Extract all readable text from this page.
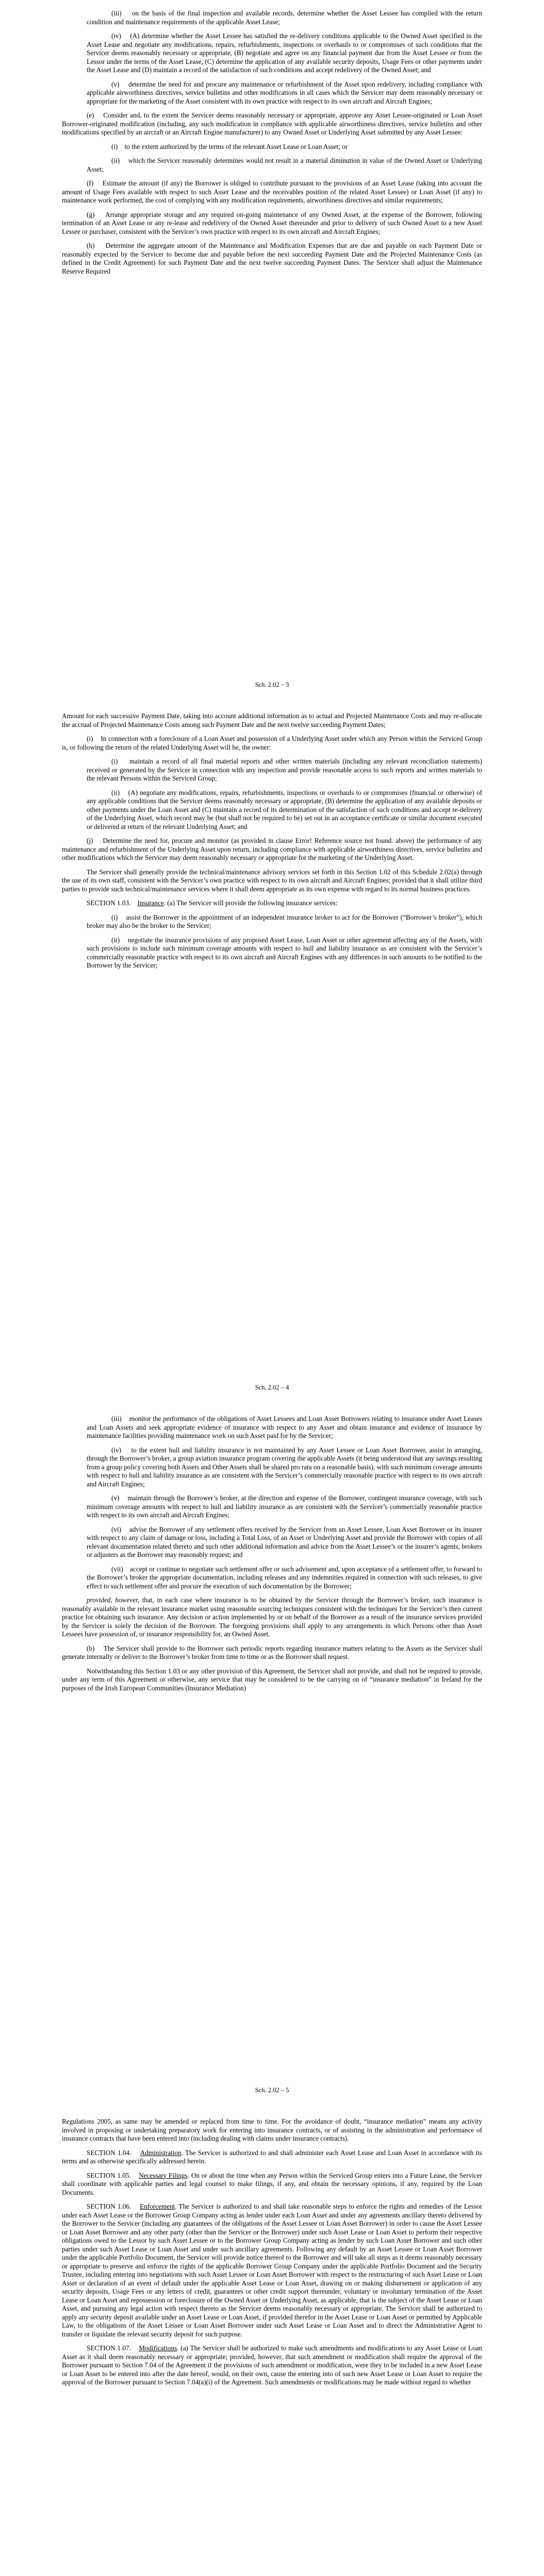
(iii) on the basis of the final inspection and available records, determine whether the Asset Lessee has complied with the return condition and maintenance requirements of the applicable Asset Lease;

(iv) (A) determine whether the Asset Lessee has satisfied the re-delivery conditions applicable to the Owned Asset specified in the Asset Lease and negotiate any modifications, repairs, refurbishments, inspections or overhauls to or compromises of such conditions that the Servicer deems reasonably necessary or appropriate, (B) negotiate and agree on any financial payment due from the Asset Lessee or from the Lessor under the terms of the Asset Lease, (C) determine the application of any available security deposits, Usage Fees or other payments under the Asset Lease and (D) maintain a record of the satisfaction of such conditions and accept redelivery of the Owned Asset; and

(v) determine the need for and procure any maintenance or refurbishment of the Asset upon redelivery, including compliance with applicable airworthiness directives, service bulletins and other modifications in all cases which the Servicer may deem reasonably necessary or appropriate for the marketing of the Asset consistent with its own practice with respect to its own aircraft and Aircraft Engines;

(e) Consider and, to the extent the Servicer deems reasonably necessary or appropriate, approve any Asset Lessee-originated or Loan Asset Borrower-originated modification (including, any such modification in compliance with applicable airworthiness directives, service bulletins and other modifications specified by an aircraft or an Aircraft Engine manufacturer) to any Owned Asset or Underlying Asset submitted by any Asset Lessee:

(i) to the extent authorized by the terms of the relevant Asset Lease or Loan Asset; or

(ii) which the Servicer reasonably determines would not result in a material diminution in value of the Owned Asset or Underlying Asset;

(f) Estimate the amount (if any) the Borrower is obliged to contribute pursuant to the provisions of an Asset Lease (taking into account the amount of Usage Fees available with respect to such Asset Lease and the receivables position of the related Asset Lessee) or Loan Asset (if any) to maintenance work performed, the cost of complying with any modification requirements, airworthiness directives and similar requirements;

(g) Arrange appropriate storage and any required on-going maintenance of any Owned Asset, at the expense of the Borrower, following termination of an Asset Lease or any re-lease and redelivery of the Owned Asset thereunder and prior to delivery of such Owned Asset to a new Asset Lessee or purchaser, consistent with the Servicer’s own practice with respect to its own aircraft and Aircraft Engines;

(h) Determine the aggregate amount of the Maintenance and Modification Expenses that are due and payable on each Payment Date or reasonably expected by the Servicer to become due and payable before the next succeeding Payment Date and the Projected Maintenance Costs (as defined in the Credit Agreement) for such Payment Date and the next twelve succeeding Payment Dates. The Servicer shall adjust the Maintenance Reserve Required

Sch. 2.02 – 3

Amount for each successive Payment Date, taking into account additional information as to actual and Projected Maintenance Costs and may re-allocate the accrual of Projected Maintenance Costs among such Payment Date and the next twelve succeeding Payment Dates;

(i) In connection with a foreclosure of a Loan Asset and possession of a Underlying Asset under which any Person within the Serviced Group is, or following the return of the related Underlying Asset will be, the owner:

(i) maintain a record of all final material reports and other written materials (including any relevant reconciliation statements) received or generated by the Servicer in connection with any inspection and provide reasonable access to such reports and written materials to the relevant Persons within the Serviced Group;

(ii) (A) negotiate any modifications, repairs, refurbishments, inspections or overhauls to or compromises (financial or otherwise) of any applicable conditions that the Servicer deems reasonably necessary or appropriate, (B) determine the application of any available deposits or other payments under the Loan Asset and (C) maintain a record of its determination of the satisfaction of such conditions and accept re-delivery of the Underlying Asset, which record may be (but shall not be required to be) set out in an acceptance certificate or similar document executed or delivered at return of the relevant Underlying Asset; and

(j) Determine the need for, procure and monitor (as provided in clause Error! Reference source not found. above) the performance of any maintenance and refurbishment of the Underlying Asset upon return, including compliance with applicable airworthiness directives, service bulletins and other modifications which the Servicer may deem reasonably necessary or appropriate for the marketing of the Underlying Asset.

The Servicer shall generally provide the technical/maintenance advisory services set forth in this Section 1.02 of this Schedule 2.02(a) through the use of its own staff, consistent with the Servicer’s own practice with respect to its own aircraft and Aircraft Engines; provided that it shall utilize third parties to provide such technical/maintenance services where it shall deem appropriate as its own expense with regard to its normal business practices.

SECTION 1.03. Insurance. (a) The Servicer will provide the following insurance services:

(i) assist the Borrower in the appointment of an independent insurance broker to act for the Borrower (“Borrower’s broker”), which broker may also be the broker to the Servicer;

(ii) negotiate the insurance provisions of any proposed Asset Lease, Loan Asset or other agreement affecting any of the Assets, with such provisions to include such minimum coverage amounts with respect to hull and liability insurance as are consistent with the Servicer’s commercially reasonable practice with respect to its own aircraft and Aircraft Engines with any differences in such amounts to be notified to the Borrower by the Servicer;

Sch. 2.02 – 4

(iii) monitor the performance of the obligations of Asset Lessees and Loan Asset Borrowers relating to insurance under Asset Leases and Loan Assets and seek appropriate evidence of insurance with respect to any Asset and obtain insurance and evidence of insurance by maintenance facilities providing maintenance work on such Asset paid for by the Servicer;

(iv) to the extent hull and liability insurance is not maintained by any Asset Lessee or Loan Asset Borrower, assist in arranging, through the Borrower’s broker, a group aviation insurance program covering the applicable Assets (it being understood that any savings resulting from a group policy covering both Assets and Other Assets shall be shared pro rata on a reasonable basis), with such minimum coverage amounts with respect to hull and liability insurance as are consistent with the Servicer’s commercially reasonable practice with respect to its own aircraft and Aircraft Engines;

(v) maintain through the Borrower’s broker, at the direction and expense of the Borrower, contingent insurance coverage, with such minimum coverage amounts with respect to hull and liability insurance as are consistent with the Servicer’s commercially reasonable practice with respect to its own aircraft and Aircraft Engines;

(vi) advise the Borrower of any settlement offers received by the Servicer from an Asset Lessee, Loan Asset Borrower or its insurer with respect to any claim of damage or loss, including a Total Loss, of an Asset or Underlying Asset and provide the Borrower with copies of all relevant documentation related thereto and such other additional information and advice from the Asset Lessee’s or the insurer’s agents, brokers or adjusters as the Borrower may reasonably request; and

(vii) accept or continue to negotiate such settlement offer or such advisement and, upon acceptance of a settlement offer, to forward to the Borrower’s broker the appropriate documentation, including releases and any indemnities required in connection with such releases, to give effect to such settlement offer and procure the execution of such documentation by the Borrower;

provided, however, that, in each case where insurance is to be obtained by the Servicer through the Borrower’s broker, such insurance is reasonably available in the relevant insurance market using reasonable sourcing techniques consistent with the techniques for the Servicer’s then current practice for obtaining such insurance. Any decision or action implemented by or on behalf of the Borrower as a result of the insurance services provided by the Servicer is solely the decision of the Borrower. The foregoing provisions shall apply to any arrangements in which Persons other than Asset Lessees have possession of, or insurance responsibility for, an Owned Asset.

(b) The Servicer shall provide to the Borrower such periodic reports regarding insurance matters relating to the Assets as the Servicer shall generate internally or deliver to the Borrower’s broker from time to time or as the Borrower shall request.

Notwithstanding this Section 1.03 or any other provision of this Agreement, the Servicer shall not provide, and shall not be required to provide, under any term of this Agreement or otherwise, any service that may be considered to be the carrying on of “insurance mediation” in Ireland for the purposes of the Irish European Communities (Insurance Mediation)

Sch. 2.02 – 5

Regulations 2005, as same may be amended or replaced from time to time. For the avoidance of doubt, “insurance mediation” means any activity involved in proposing or undertaking preparatory work for entering into insurance contracts, or of assisting in the administration and performance of insurance contracts that have been entered into (including dealing with claims under insurance contracts).

SECTION 1.04. Administration. The Servicer is authorized to and shall administer each Asset Lease and Loan Asset in accordance with its terms and as otherwise specifically addressed herein.

SECTION 1.05. Necessary Filings. On or about the time when any Person within the Serviced Group enters into a Future Lease, the Servicer shall coordinate with applicable parties and legal counsel to make filings, if any, and obtain the necessary opinions, if any, required by the Loan Documents.

SECTION 1.06. Enforcement. The Servicer is authorized to and shall take reasonable steps to enforce the rights and remedies of the Lessor under each Asset Lease or the Borrower Group Company acting as lender under each Loan Asset and under any agreements ancillary thereto delivered by the Borrower to the Servicer (including any guarantees of the obligations of the Asset Lessee or Loan Asset Borrower) in order to cause the Asset Lessee or Loan Asset Borrower and any other party (other than the Servicer or the Borrower) under such Asset Lease or Loan Asset to perform their respective obligations owed to the Lessor by such Asset Lessee or to the Borrower Group Company acting as lender by such Loan Asset Borrower and such other parties under such Asset Lease or Loan Asset and under such ancillary agreements. Following any default by an Asset Lessee or Loan Asset Borrower under the applicable Portfolio Document, the Servicer will provide notice thereof to the Borrower and will take all steps as it deems reasonably necessary or appropriate to preserve and enforce the rights of the applicable Borrower Group Company under the applicable Portfolio Document and the Security Trustee, including entering into negotiations with such Asset Lessee or Loan Asset Borrower with respect to the restructuring of such Asset Lease or Loan Asset or declaration of an event of default under the applicable Asset Lease or Loan Asset, drawing on or making disbursement or application of any security deposits, Usage Fees or any letters of credit, guarantees or other credit support thereunder, voluntary or involuntary termination of the Asset Lease or Loan Asset and repossession or foreclosure of the Owned Asset or Underlying Asset, as applicable, that is the subject of the Asset Lease or Loan Asset, and pursuing any legal action with respect thereto as the Servicer deems reasonably necessary or appropriate. The Servicer shall be authorized to apply any security deposit available under an Asset Lease or Loan Asset, if provided therefor in the Asset Lease or Loan Asset or permitted by Applicable Law, to the obligations of the Asset Lessee or Loan Asset Borrower under such Asset Lease or Loan Asset and to direct the Administrative Agent to transfer or liquidate the relevant security deposit for such purpose.

SECTION 1.07. Modifications. (a) The Servicer shall be authorized to make such amendments and modifications to any Asset Lease or Loan Asset as it shall deem reasonably necessary or appropriate; provided, however, that such amendment or modification shall require the approval of the Borrower pursuant to Section 7.04 of the Agreement if the provisions of such amendment or modification, were they to be included in a new Asset Lease or Loan Asset to be entered into after the date hereof, would, on their own, cause the entering into of such new Asset Lease or Loan Asset to require the approval of the Borrower pursuant to Section 7.04(a)(i) of the Agreement. Such amendments or modifications may be made without regard to whether
